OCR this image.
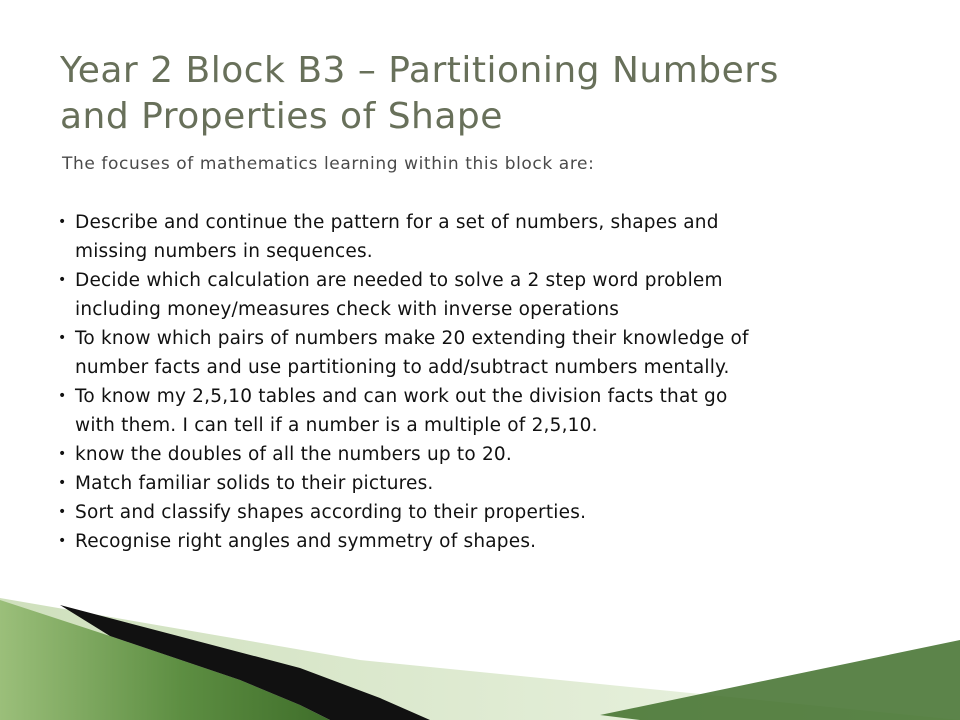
Year 2 Block B3 – Partitioning Numbers
and Properties of Shape

The focuses of mathematics learning within this block are:

• Describe and continue the pattern for a set of numbers, shapes and
missing numbers in sequences.
• Decide which calculation are needed to solve a 2 step word problem
including money/measures check with inverse operations
• To know which pairs of numbers make 20 extending their knowledge of
number facts and use partitioning to add/subtract numbers mentally.
• To know my 2,5,10 tables and can work out the division facts that go
with them. I can tell if a number is a multiple of 2,5,10.
• know the doubles of all the numbers up to 20.
• Match familiar solids to their pictures.
• Sort and classify shapes according to their properties.
• Recognise right angles and symmetry of shapes.
